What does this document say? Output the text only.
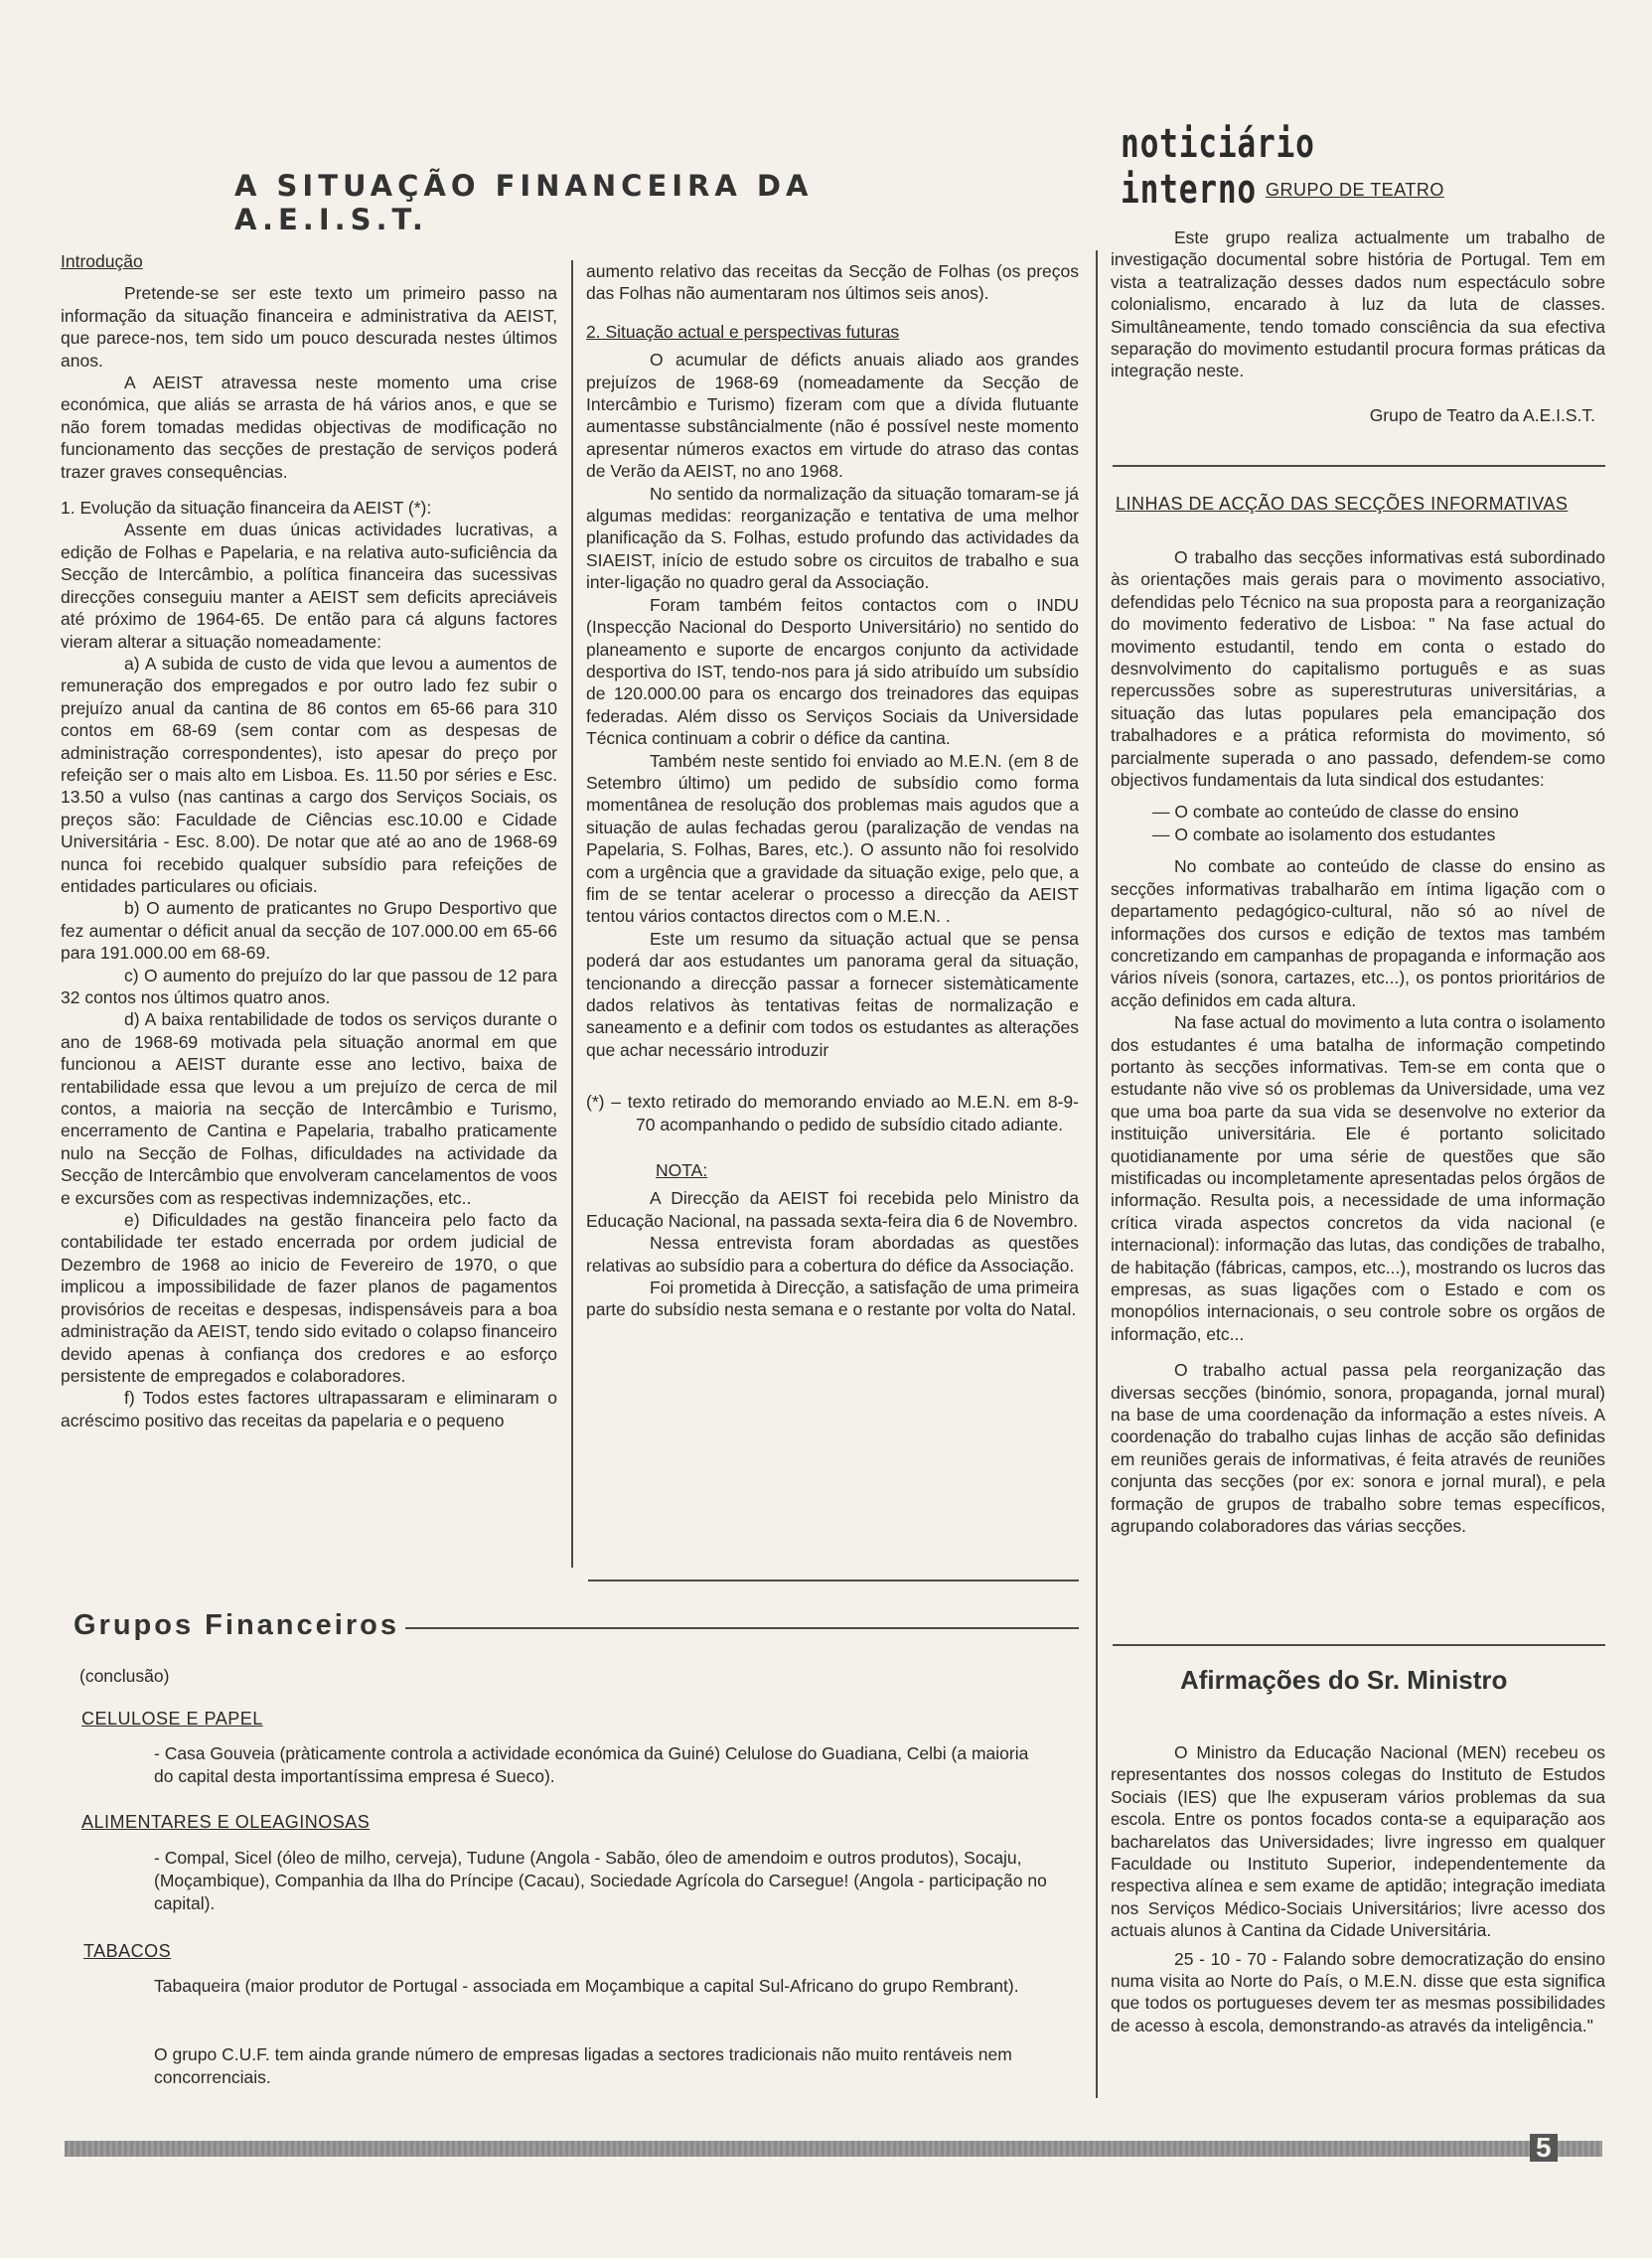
A SITUAÇÃO FINANCEIRA DA A.E.I.S.T.
noticiário interno GRUPO DE TEATRO

Introdução

Pretende-se ser este texto um primeiro passo na informação da situação financeira e administrativa da AEIST, que parece-nos, tem sido um pouco descurada nestes últimos anos.

A AEIST atravessa neste momento uma crise económica, que aliás se arrasta de há vários anos, e que se não forem tomadas medidas objectivas de modificação no funcionamento das secções de prestação de serviços poderá trazer graves consequências.

1. Evolução da situação financeira da AEIST (*):

Assente em duas únicas actividades lucrativas, a edição de Folhas e Papelaria, e na relativa auto-suficiência da Secção de Intercâmbio, a política financeira das sucessivas direcções conseguiu manter a AEIST sem deficits apreciáveis até próximo de 1964-65. De então para cá alguns factores vieram alterar a situação nomeadamente:

a) A subida de custo de vida que levou a aumentos de remuneração dos empregados e por outro lado fez subir o prejuízo anual da cantina de 86 contos em 65-66 para 310 contos em 68-69 (sem contar com as despesas de administração correspondentes), isto apesar do preço por refeição ser o mais alto em Lisboa. Es. 11.50 por séries e Esc. 13.50 a vulso (nas cantinas a cargo dos Serviços Sociais, os preços são: Faculdade de Ciências esc.10.00 e Cidade Universitária - Esc. 8.00). De notar que até ao ano de 1968-69 nunca foi recebido qualquer subsídio para refeições de entidades particulares ou oficiais.

b) O aumento de praticantes no Grupo Desportivo que fez aumentar o déficit anual da secção de 107.000.00 em 65-66 para 191.000.00 em 68-69.

c) O aumento do prejuízo do lar que passou de 12 para 32 contos nos últimos quatro anos.

d) A baixa rentabilidade de todos os serviços durante o ano de 1968-69 motivada pela situação anormal em que funcionou a AEIST durante esse ano lectivo, baixa de rentabilidade essa que levou a um prejuízo de cerca de mil contos, a maioria na secção de Intercâmbio e Turismo, encerramento de Cantina e Papelaria, trabalho praticamente nulo na Secção de Folhas, dificuldades na actividade da Secção de Intercâmbio que envolveram cancelamentos de voos e excursões com as respectivas indemnizações, etc..

e) Dificuldades na gestão financeira pelo facto da contabilidade ter estado encerrada por ordem judicial de Dezembro de 1968 ao inicio de Fevereiro de 1970, o que implicou a impossibilidade de fazer planos de pagamentos provisórios de receitas e despesas, indispensáveis para a boa administração da AEIST, tendo sido evitado o colapso financeiro devido apenas à confiança dos credores e ao esforço persistente de empregados e colaboradores.

f) Todos estes factores ultrapassaram e eliminaram o acréscimo positivo das receitas da papelaria e o pequeno

aumento relativo das receitas da Secção de Folhas (os preços das Folhas não aumentaram nos últimos seis anos).

2. Situação actual e perspectivas futuras

O acumular de déficts anuais aliado aos grandes prejuízos de 1968-69 (nomeadamente da Secção de Intercâmbio e Turismo) fizeram com que a dívida flutuante aumentasse substâncialmente (não é possível neste momento apresentar números exactos em virtude do atraso das contas de Verão da AEIST, no ano 1968.

No sentido da normalização da situação tomaram-se já algumas medidas: reorganização e tentativa de uma melhor planificação da S. Folhas, estudo profundo das actividades da SIAEIST, início de estudo sobre os circuitos de trabalho e sua inter-ligação no quadro geral da Associação.

Foram também feitos contactos com o INDU (Inspecção Nacional do Desporto Universitário) no sentido do planeamento e suporte de encargos conjunto da actividade desportiva do IST, tendo-nos para já sido atribuído um subsídio de 120.000.00 para os encargo dos treinadores das equipas federadas. Além disso os Serviços Sociais da Universidade Técnica continuam a cobrir o défice da cantina.

Também neste sentido foi enviado ao M.E.N. (em 8 de Setembro último) um pedido de subsídio como forma momentânea de resolução dos problemas mais agudos que a situação de aulas fechadas gerou (paralização de vendas na Papelaria, S. Folhas, Bares, etc.). O assunto não foi resolvido com a urgência que a gravidade da situação exige, pelo que, a fim de se tentar acelerar o processo a direcção da AEIST tentou vários contactos directos com o M.E.N. .

Este um resumo da situação actual que se pensa poderá dar aos estudantes um panorama geral da situação, tencionando a direcção passar a fornecer sistemàticamente dados relativos às tentativas feitas de normalização e saneamento e a definir com todos os estudantes as alterações que achar necessário introduzir

(*) – texto retirado do memorando enviado ao M.E.N. em 8-9-70 acompanhando o pedido de subsídio citado adiante.

NOTA:

A Direcção da AEIST foi recebida pelo Ministro da Educação Nacional, na passada sexta-feira dia 6 de Novembro.

Nessa entrevista foram abordadas as questões relativas ao subsídio para a cobertura do défice da Associação.

Foi prometida à Direcção, a satisfação de uma primeira parte do subsídio nesta semana e o restante por volta do Natal.

Este grupo realiza actualmente um trabalho de investigação documental sobre história de Portugal. Tem em vista a teatralização desses dados num espectáculo sobre colonialismo, encarado à luz da luta de classes. Simultâneamente, tendo tomado consciência da sua efectiva separação do movimento estudantil procura formas práticas da integração neste.

Grupo de Teatro da A.E.I.S.T.

LINHAS DE ACÇÃO DAS SECÇÕES INFORMATIVAS

O trabalho das secções informativas está subordinado às orientações mais gerais para o movimento associativo, defendidas pelo Técnico na sua proposta para a reorganização do movimento federativo de Lisboa: " Na fase actual do movimento estudantil, tendo em conta o estado do desnvolvimento do capitalismo português e as suas repercussões sobre as superestruturas universitárias, a situação das lutas populares pela emancipação dos trabalhadores e a prática reformista do movimento, só parcialmente superada o ano passado, defendem-se como objectivos fundamentais da luta sindical dos estudantes:

— O combate ao conteúdo de classe do ensino

— O combate ao isolamento dos estudantes

No combate ao conteúdo de classe do ensino as secções informativas trabalharão em íntima ligação com o departamento pedagógico-cultural, não só ao nível de informações dos cursos e edição de textos mas também concretizando em campanhas de propaganda e informação aos vários níveis (sonora, cartazes, etc...), os pontos prioritários de acção definidos em cada altura.

Na fase actual do movimento a luta contra o isolamento dos estudantes é uma batalha de informação competindo portanto às secções informativas. Tem-se em conta que o estudante não vive só os problemas da Universidade, uma vez que uma boa parte da sua vida se desenvolve no exterior da instituição universitária. Ele é portanto solicitado quotidianamente por uma série de questões que são mistificadas ou incompletamente apresentadas pelos órgãos de informação. Resulta pois, a necessidade de uma informação crítica virada aspectos concretos da vida nacional (e internacional): informação das lutas, das condições de trabalho, de habitação (fábricas, campos, etc...), mostrando os lucros das empresas, as suas ligações com o Estado e com os monopólios internacionais, o seu controle sobre os orgãos de informação, etc...

O trabalho actual passa pela reorganização das diversas secções (binómio, sonora, propaganda, jornal mural) na base de uma coordenação da informação a estes níveis. A coordenação do trabalho cujas linhas de acção são definidas em reuniões gerais de informativas, é feita através de reuniões conjunta das secções (por ex: sonora e jornal mural), e pela formação de grupos de trabalho sobre temas específicos, agrupando colaboradores das várias secções.

Afirmações do Sr. Ministro

O Ministro da Educação Nacional (MEN) recebeu os representantes dos nossos colegas do Instituto de Estudos Sociais (IES) que lhe expuseram vários problemas da sua escola. Entre os pontos focados conta-se a equiparação aos bacharelatos das Universidades; livre ingresso em qualquer Faculdade ou Instituto Superior, independentemente da respectiva alínea e sem exame de aptidão; integração imediata nos Serviços Médico-Sociais Universitários; livre acesso dos actuais alunos à Cantina da Cidade Universitária.

25 - 10 - 70 - Falando sobre democratização do ensino numa visita ao Norte do País, o M.E.N. disse que esta significa que todos os portugueses devem ter as mesmas possibilidades de acesso à escola, demonstrando-as através da inteligência."

Grupos Financeiros
(conclusão)
CELULOSE E PAPEL
- Casa Gouveia (pràticamente controla a actividade económica da Guiné) Celulose do Guadiana, Celbi (a maioria do capital desta importantíssima empresa é Sueco).
ALIMENTARES E OLEAGINOSAS
- Compal, Sicel (óleo de milho, cerveja), Tudune (Angola - Sabão, óleo de amendoim e outros produtos), Socaju, (Moçambique), Companhia da Ilha do Príncipe (Cacau), Sociedade Agrícola do Carsegue! (Angola - participação no capital).
TABACOS
Tabaqueira (maior produtor de Portugal - associada em Moçambique a capital Sul-Africano do grupo Rembrant).
O grupo C.U.F. tem ainda grande número de empresas ligadas a sectores tradicionais não muito rentáveis nem concorrenciais.
5
